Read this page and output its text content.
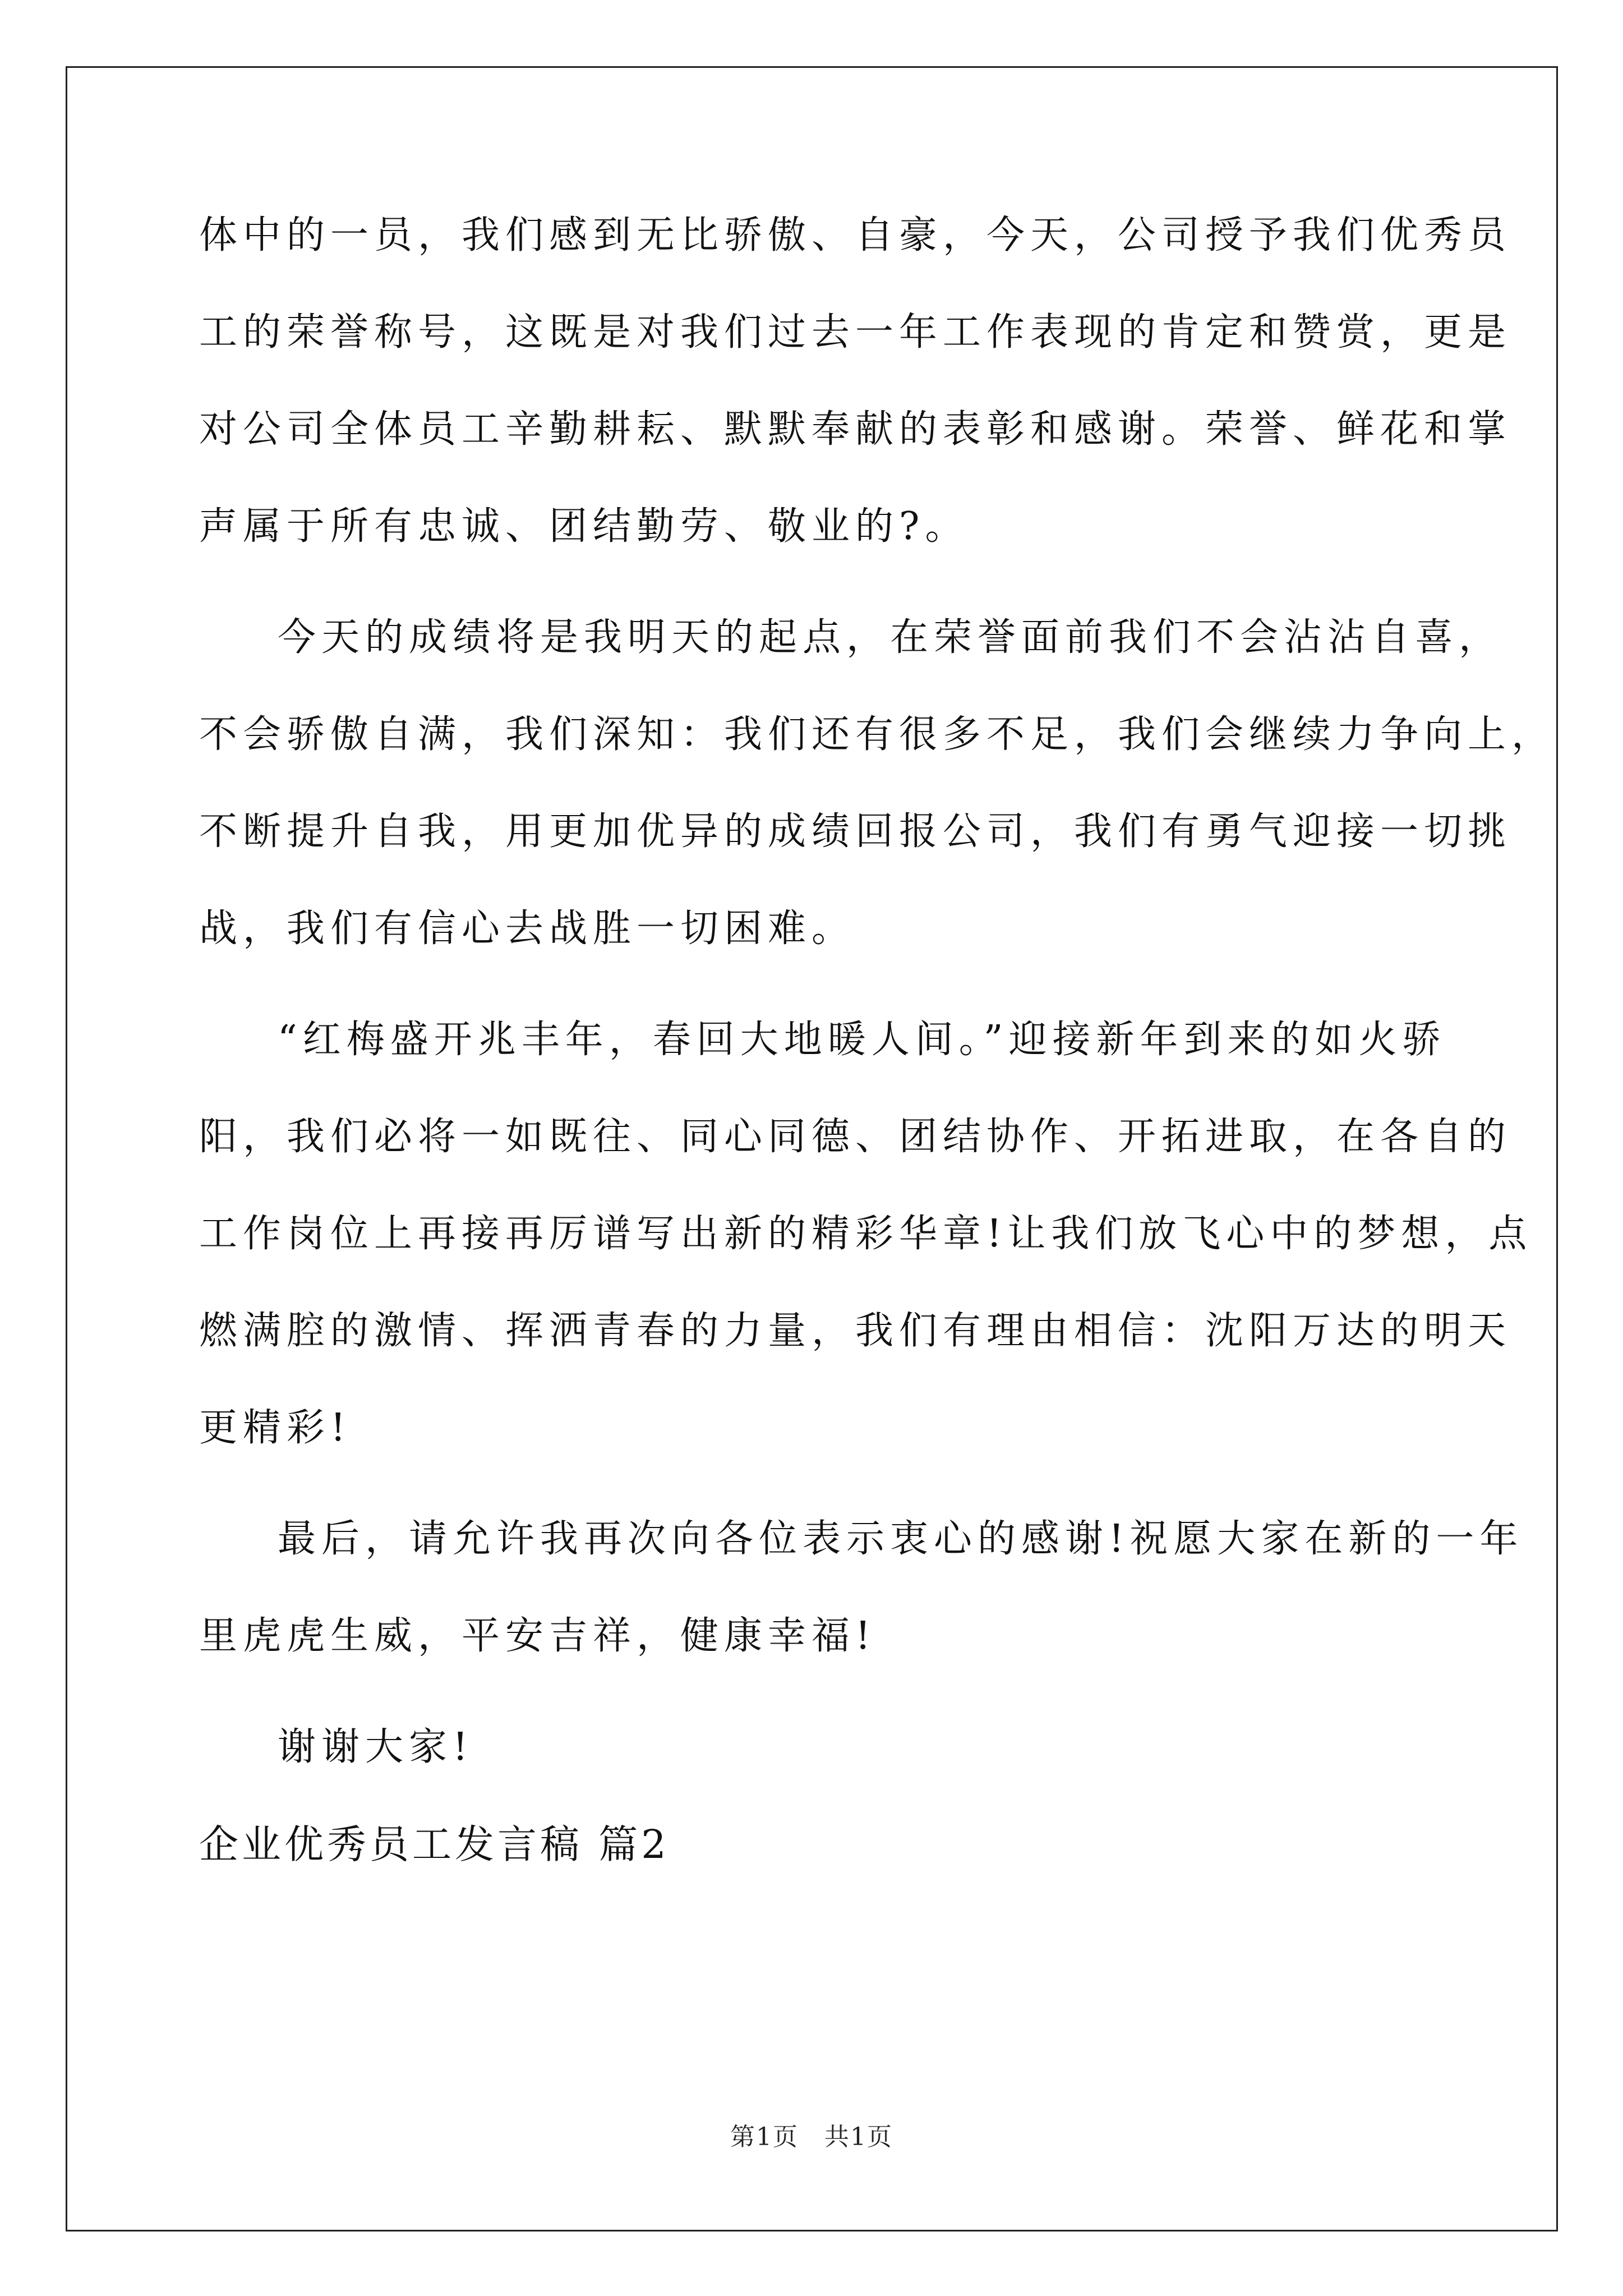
体中的一员，我们感到无比骄傲、自豪，今天，公司授予我们优秀员
工的荣誉称号，这既是对我们过去一年工作表现的肯定和赞赏，更是
对公司全体员工辛勤耕耘、默默奉献的表彰和感谢。荣誉、鲜花和掌
声属于所有忠诚、团结勤劳、敬业的?。
今天的成绩将是我明天的起点，在荣誉面前我们不会沾沾自喜，
不会骄傲自满，我们深知：我们还有很多不足，我们会继续力争向上，
不断提升自我，用更加优异的成绩回报公司，我们有勇气迎接一切挑
战，我们有信心去战胜一切困难。
“红梅盛开兆丰年，春回大地暖人间。”迎接新年到来的如火骄
阳，我们必将一如既往、同心同德、团结协作、开拓进取，在各自的
工作岗位上再接再厉谱写出新的精彩华章!让我们放飞心中的梦想，点
燃满腔的激情、挥洒青春的力量，我们有理由相信：沈阳万达的明天
更精彩!
最后，请允许我再次向各位表示衷心的感谢!祝愿大家在新的一年
里虎虎生威，平安吉祥，健康幸福!
谢谢大家!
企业优秀员工发言稿 篇2
第1页　共1页
